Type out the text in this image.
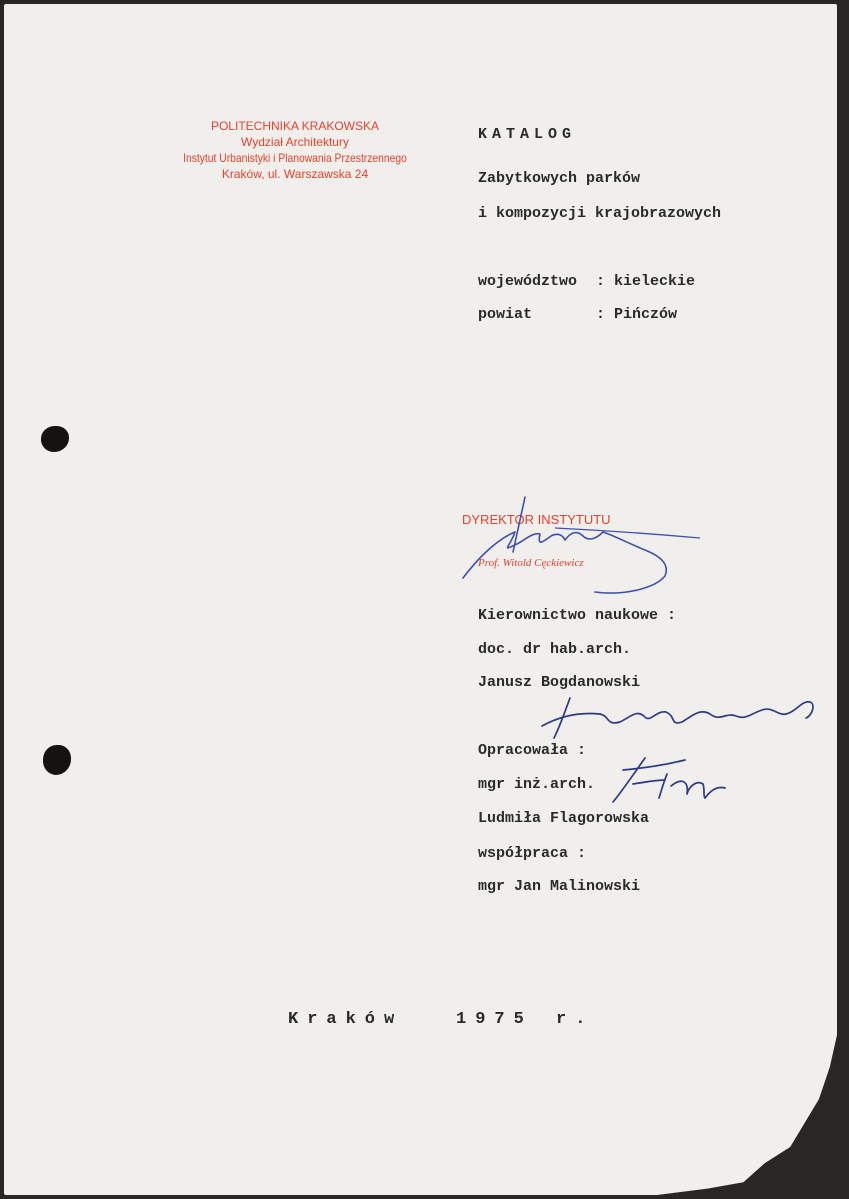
POLITECHNIKA KRAKOWSKA
Wydział Architektury
Instytut Urbanistyki i Planowania Przestrzennego
Kraków, ul. Warszawska 24
KATALOG
Zabytkowych parków
i kompozycji krajobrazowych
województwo : kieleckie
powiat	: Pińczów
DYREKTOR INSTYTUTU
Prof. Witold Cęckiewicz
Kierownictwo naukowe :
doc. dr hab.arch.
Janusz Bogdanowski
Opracowała :
mgr inż.arch.
Ludmiła Flagorowska
współpraca :
mgr Jan Malinowski
Kraków	1975 r.
